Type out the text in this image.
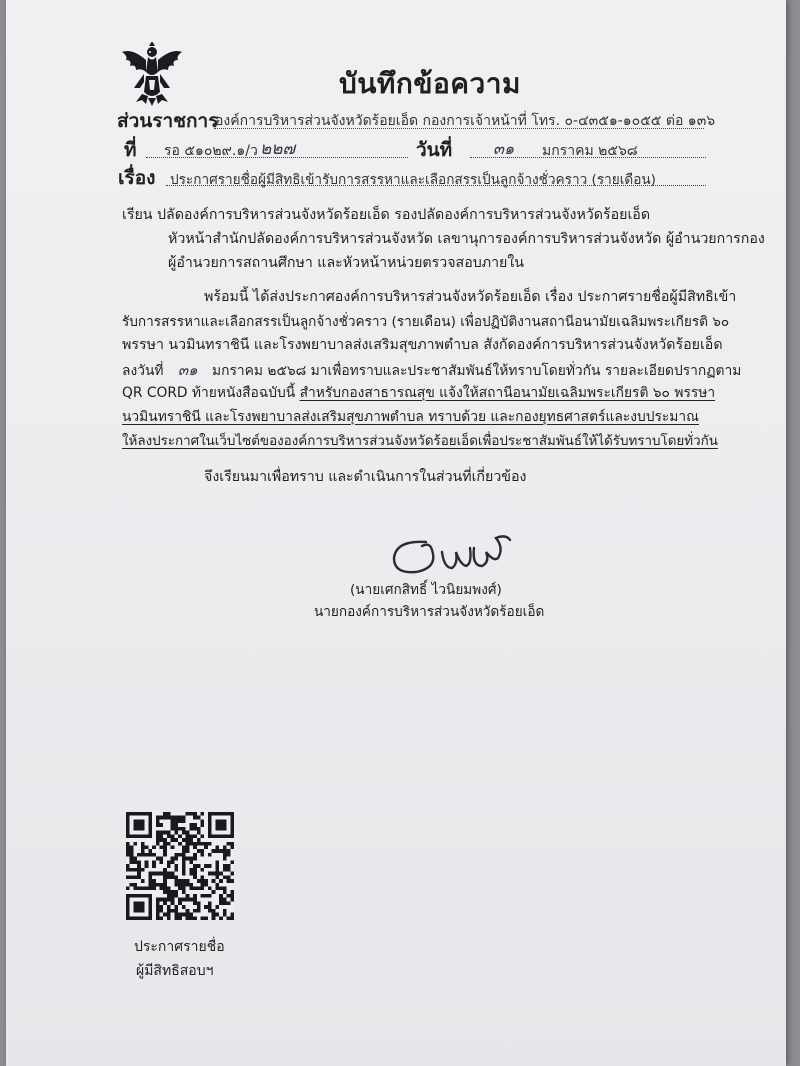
บันทึกข้อความ
ส่วนราชการ
องค์การบริหารส่วนจังหวัดร้อยเอ็ด กองการเจ้าหน้าที่ โทร. ๐-๔๓๕๑-๑๐๕๕ ต่อ ๑๓๖
ที่ รอ ๕๑๐๒๙.๑/ว ๒๒๗	วันที่	๓๑ มกราคม ๒๕๖๘
เรื่อง ประกาศรายชื่อผู้มีสิทธิเข้ารับการสรรหาและเลือกสรรเป็นลูกจ้างชั่วคราว (รายเดือน)
เรียน ปลัดองค์การบริหารส่วนจังหวัดร้อยเอ็ด รองปลัดองค์การบริหารส่วนจังหวัดร้อยเอ็ด
หัวหน้าสำนักปลัดองค์การบริหารส่วนจังหวัด เลขานุการองค์การบริหารส่วนจังหวัด ผู้อำนวยการกอง
ผู้อำนวยการสถานศึกษา และหัวหน้าหน่วยตรวจสอบภายใน
พร้อมนี้ ได้ส่งประกาศองค์การบริหารส่วนจังหวัดร้อยเอ็ด เรื่อง ประกาศรายชื่อผู้มีสิทธิเข้า
รับการสรรหาและเลือกสรรเป็นลูกจ้างชั่วคราว (รายเดือน) เพื่อปฏิบัติงานสถานีอนามัยเฉลิมพระเกียรติ ๖๐
พรรษา นวมินทราชินี และโรงพยาบาลส่งเสริมสุขภาพตำบล สังกัดองค์การบริหารส่วนจังหวัดร้อยเอ็ด
ลงวันที่ ๓๑ มกราคม ๒๕๖๘ มาเพื่อทราบและประชาสัมพันธ์ให้ทราบโดยทั่วกัน รายละเอียดปรากฏตาม
QR CORD ท้ายหนังสือฉบับนี้ สำหรับกองสาธารณสุข แจ้งให้สถานีอนามัยเฉลิมพระเกียรติ ๖๐ พรรษา
นวมินทราชินี และโรงพยาบาลส่งเสริมสุขภาพตำบล ทราบด้วย และกองยุทธศาสตร์และงบประมาณ
ให้ลงประกาศในเว็บไซต์ขององค์การบริหารส่วนจังหวัดร้อยเอ็ดเพื่อประชาสัมพันธ์ให้ได้รับทราบโดยทั่วกัน
จึงเรียนมาเพื่อทราบ และดำเนินการในส่วนที่เกี่ยวข้อง
(นายเศกสิทธิ์ ไวนิยมพงศ์)
นายกองค์การบริหารส่วนจังหวัดร้อยเอ็ด
ประกาศรายชื่อ
ผู้มีสิทธิสอบฯ
